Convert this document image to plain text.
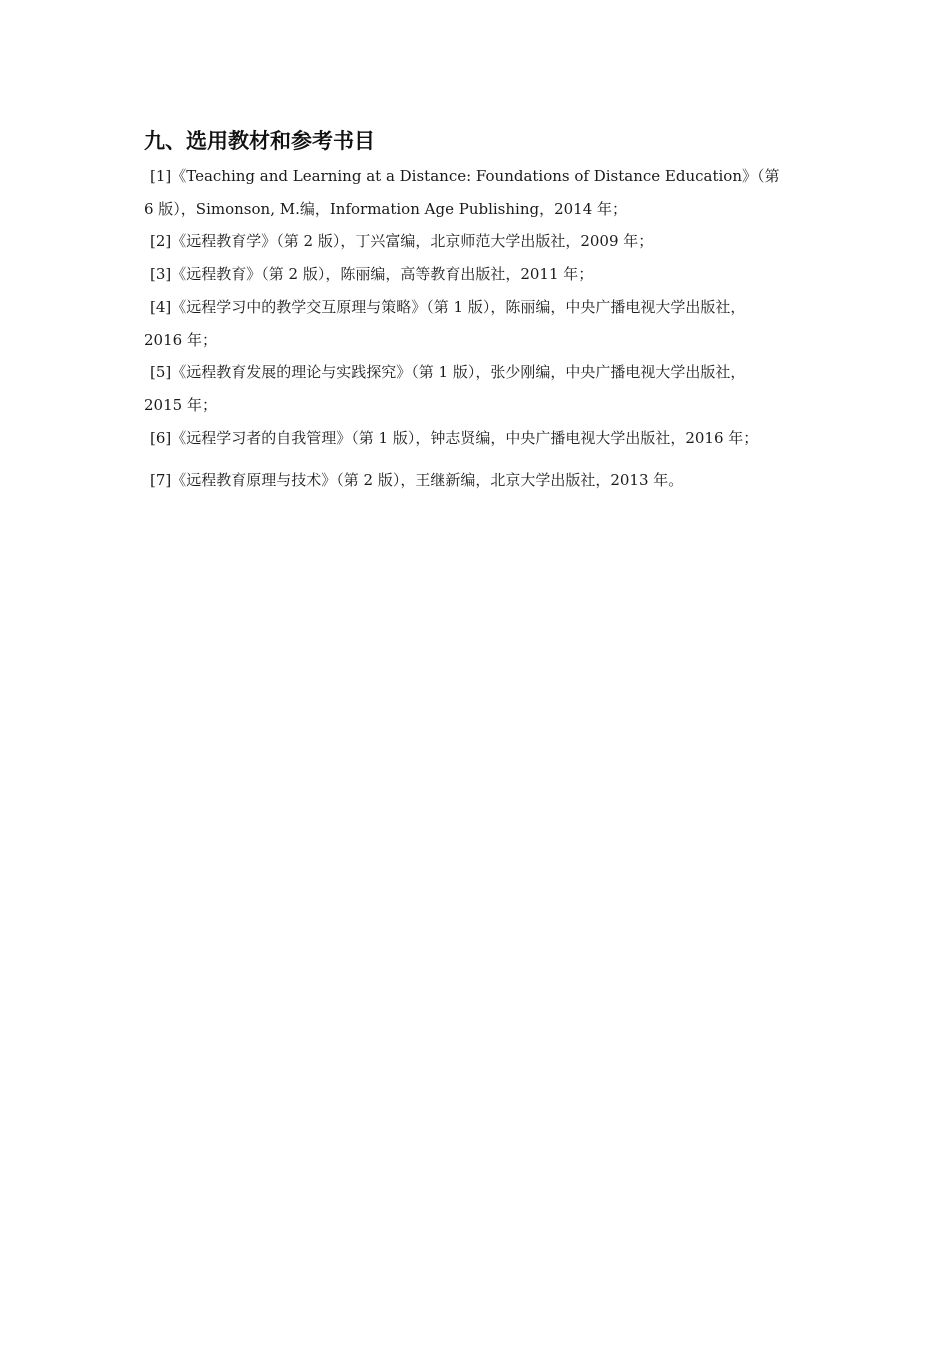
九、选用教材和参考书目
[1]《Teaching and Learning at a Distance: Foundations of Distance Education》（第
6 版），Simonson, M.编，Information Age Publishing，2014 年；
[2]《远程教育学》（第 2 版），丁兴富编，北京师范大学出版社，2009 年；
[3]《远程教育》（第 2 版），陈丽编，高等教育出版社，2011 年；
[4]《远程学习中的教学交互原理与策略》（第 1 版），陈丽编，中央广播电视大学出版社，
2016 年；
[5]《远程教育发展的理论与实践探究》（第 1 版），张少刚编，中央广播电视大学出版社，
2015 年；
[6]《远程学习者的自我管理》（第 1 版），钟志贤编，中央广播电视大学出版社，2016 年；
[7]《远程教育原理与技术》（第 2 版），王继新编，北京大学出版社，2013 年。
